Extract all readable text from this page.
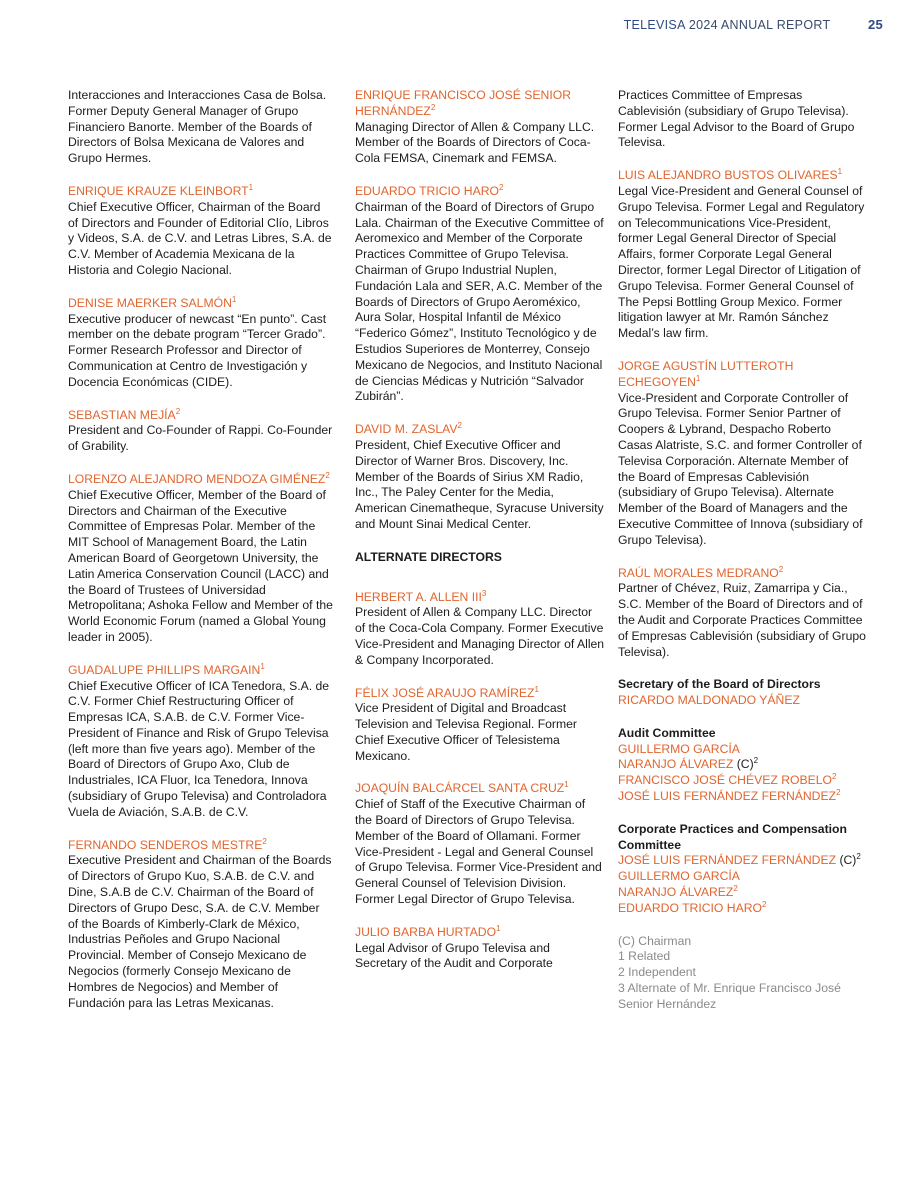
TELEVISA 2024 ANNUAL REPORT	25
Interacciones and Interacciones Casa de Bolsa. Former Deputy General Manager of Grupo Financiero Banorte. Member of the Boards of Directors of Bolsa Mexicana de Valores and Grupo Hermes.
ENRIQUE KRAUZE KLEINBORT$^1$
Chief Executive Officer, Chairman of the Board of Directors and Founder of Editorial Clío, Libros y Videos, S.A. de C.V. and Letras Libres, S.A. de C.V. Member of Academia Mexicana de la Historia and Colegio Nacional.
DENISE MAERKER SALMÓN$^1$
Executive producer of newcast “En punto”. Cast member on the debate program “Tercer Grado”. Former Research Professor and Director of Communication at Centro de Investigación y Docencia Económicas (CIDE).
SEBASTIAN MEJÍA$^2$
President and Co-Founder of Rappi. Co-Founder of Grability.
LORENZO ALEJANDRO MENDOZA GIMÉNEZ$^2$
Chief Executive Officer, Member of the Board of Directors and Chairman of the Executive Committee of Empresas Polar. Member of the MIT School of Management Board, the Latin American Board of Georgetown University, the Latin America Conservation Council (LACC) and the Board of Trustees of Universidad Metropolitana; Ashoka Fellow and Member of the World Economic Forum (named a Global Young leader in 2005).
GUADALUPE PHILLIPS MARGAIN$^1$
Chief Executive Officer of ICA Tenedora, S.A. de C.V. Former Chief Restructuring Officer of Empresas ICA, S.A.B. de C.V. Former Vice-President of Finance and Risk of Grupo Televisa (left more than five years ago). Member of the Board of Directors of Grupo Axo, Club de Industriales, ICA Fluor, Ica Tenedora, Innova (subsidiary of Grupo Televisa) and Controladora Vuela de Aviación, S.A.B. de C.V.
FERNANDO SENDEROS MESTRE$^2$
Executive President and Chairman of the Boards of Directors of Grupo Kuo, S.A.B. de C.V. and Dine, S.A.B de C.V. Chairman of the Board of Directors of Grupo Desc, S.A. de C.V. Member of the Boards of Kimberly-Clark de México, Industrias Peñoles and Grupo Nacional Provincial. Member of Consejo Mexicano de Negocios (formerly Consejo Mexicano de Hombres de Negocios) and Member of Fundación para las Letras Mexicanas.
ENRIQUE FRANCISCO JOSÉ SENIOR HERNÁNDEZ$^2$
Managing Director of Allen & Company LLC. Member of the Boards of Directors of Coca-Cola FEMSA, Cinemark and FEMSA.
EDUARDO TRICIO HARO$^2$
Chairman of the Board of Directors of Grupo Lala. Chairman of the Executive Committee of Aeromexico and Member of the Corporate Practices Committee of Grupo Televisa. Chairman of Grupo Industrial Nuplen, Fundación Lala and SER, A.C. Member of the Boards of Directors of Grupo Aeroméxico, Aura Solar, Hospital Infantil de México “Federico Gómez”, Instituto Tecnológico y de Estudios Superiores de Monterrey, Consejo Mexicano de Negocios, and Instituto Nacional de Ciencias Médicas y Nutrición “Salvador Zubirán”.
DAVID M. ZASLAV$^2$
President, Chief Executive Officer and Director of Warner Bros. Discovery, Inc. Member of the Boards of Sirius XM Radio, Inc., The Paley Center for the Media, American Cinematheque, Syracuse University and Mount Sinai Medical Center.
ALTERNATE DIRECTORS
HERBERT A. ALLEN III$^3$
President of Allen & Company LLC. Director of the Coca-Cola Company. Former Executive Vice-President and Managing Director of Allen & Company Incorporated.
FÉLIX JOSÉ ARAUJO RAMÍREZ$^1$
Vice President of Digital and Broadcast Television and Televisa Regional. Former Chief Executive Officer of Telesistema Mexicano.
JOAQUÍN BALCÁRCEL SANTA CRUZ$^1$
Chief of Staff of the Executive Chairman of the Board of Directors of Grupo Televisa. Member of the Board of Ollamani. Former Vice-President - Legal and General Counsel of Grupo Televisa. Former Vice-President and General Counsel of Television Division. Former Legal Director of Grupo Televisa.
JULIO BARBA HURTADO$^1$
Legal Advisor of Grupo Televisa and Secretary of the Audit and Corporate
Practices Committee of Empresas Cablevisión (subsidiary of Grupo Televisa). Former Legal Advisor to the Board of Grupo Televisa.
LUIS ALEJANDRO BUSTOS OLIVARES$^1$
Legal Vice-President and General Counsel of Grupo Televisa. Former Legal and Regulatory on Telecommunications Vice-President, former Legal General Director of Special Affairs, former Corporate Legal General Director, former Legal Director of Litigation of Grupo Televisa. Former General Counsel of The Pepsi Bottling Group Mexico. Former litigation lawyer at Mr. Ramón Sánchez Medal’s law firm.
JORGE AGUSTÍN LUTTEROTH ECHEGOYEN$^1$
Vice-President and Corporate Controller of Grupo Televisa. Former Senior Partner of Coopers & Lybrand, Despacho Roberto Casas Alatriste, S.C. and former Controller of Televisa Corporación. Alternate Member of the Board of Empresas Cablevisión (subsidiary of Grupo Televisa). Alternate Member of the Board of Managers and the Executive Committee of Innova (subsidiary of Grupo Televisa).
RAÚL MORALES MEDRANO$^2$
Partner of Chévez, Ruiz, Zamarripa y Cia., S.C. Member of the Board of Directors and of the Audit and Corporate Practices Committee of Empresas Cablevisión (subsidiary of Grupo Televisa).
Secretary of the Board of Directors
RICARDO MALDONADO YÁÑEZ
Audit Committee
GUILLERMO GARCÍA
NARANJO ÁLVAREZ $(C)^2$
FRANCISCO JOSÉ CHÉVEZ ROBELO$^2$
JOSÉ LUIS FERNÁNDEZ FERNÁNDEZ$^2$
Corporate Practices and Compensation Committee
JOSÉ LUIS FERNÁNDEZ FERNÁNDEZ $(C)^2$
GUILLERMO GARCÍA
NARANJO ÁLVAREZ$^2$
EDUARDO TRICIO HARO$^2$
(C) Chairman
1 Related
2 Independent
3 Alternate of Mr. Enrique Francisco José Senior Hernández
